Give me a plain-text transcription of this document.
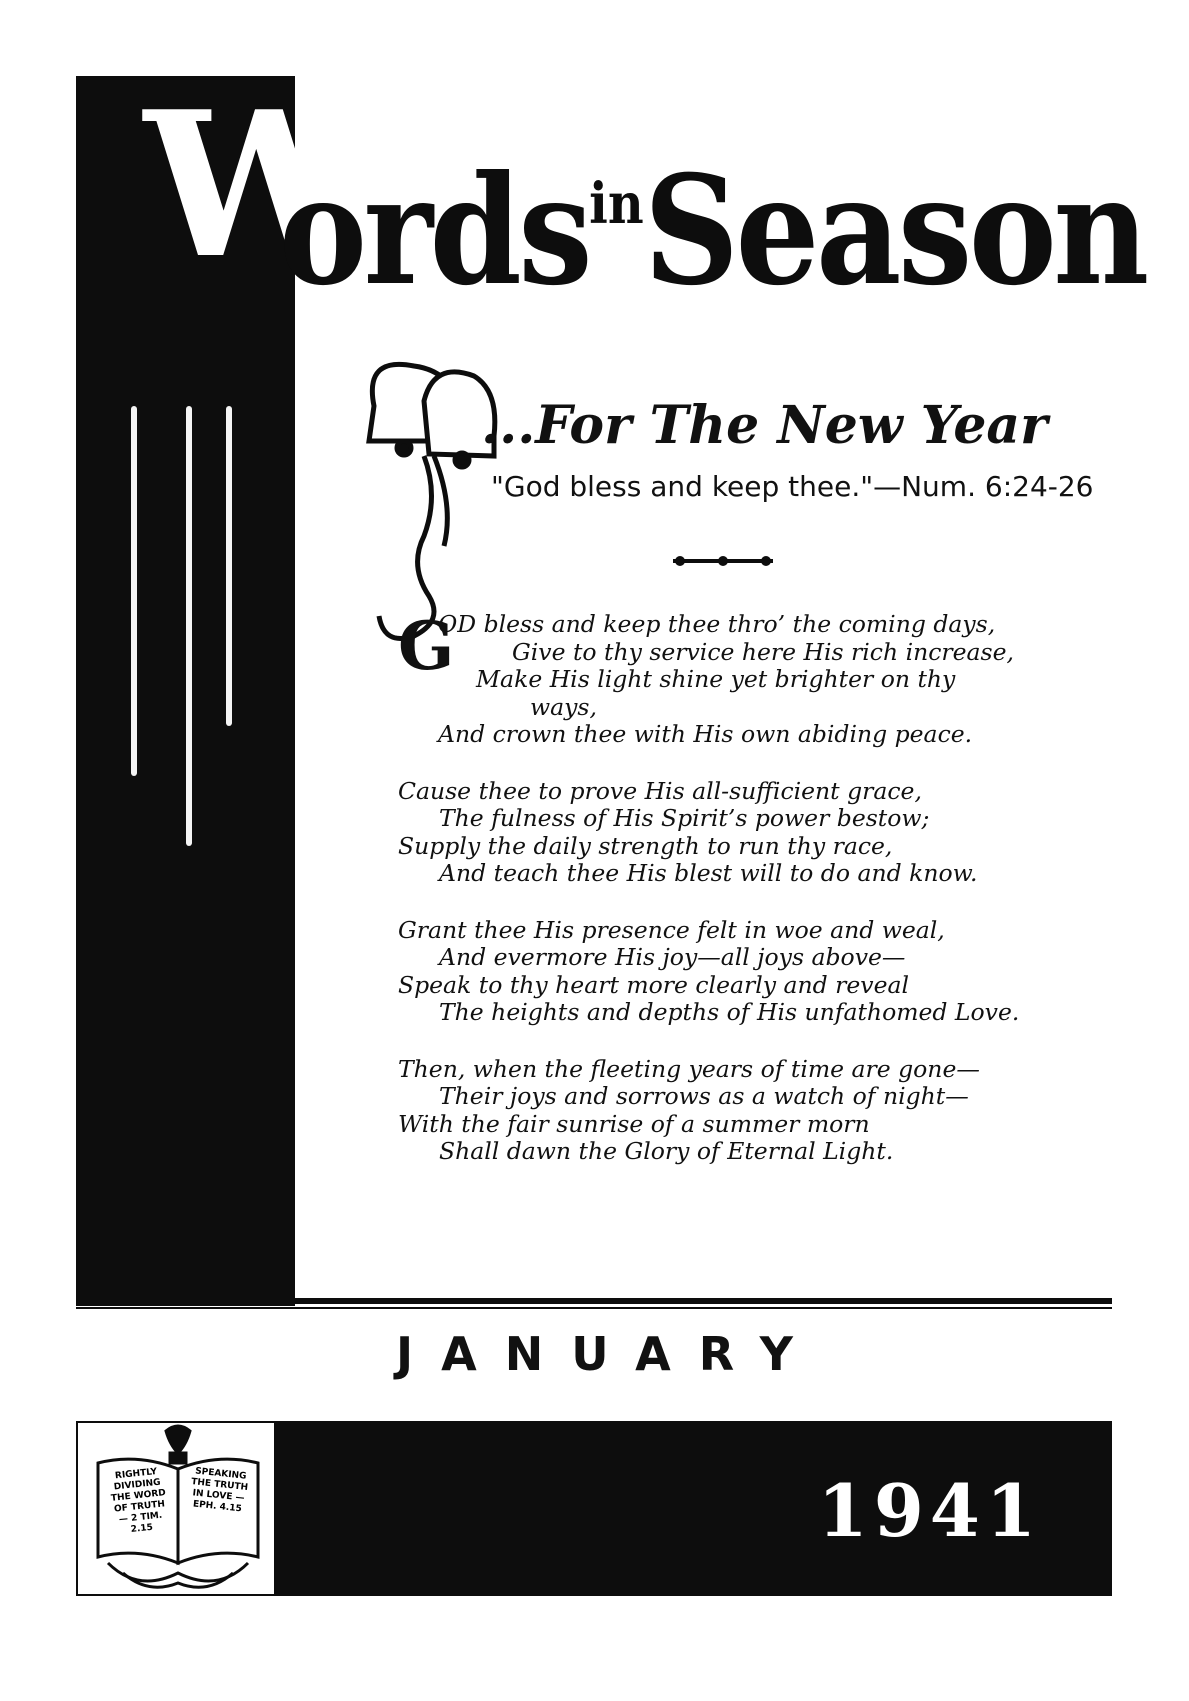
W
ords$^{in}$Season
...For The New Year
"God bless and keep thee."—Num. 6:24-26
G
OD bless and keep thee thro’ the coming days,
Give to thy service here His rich increase,
Make His light shine yet brighter on thy
ways,
And crown thee with His own abiding peace.
Cause thee to prove His all-sufficient grace,
The fulness of His Spirit’s power bestow;
Supply the daily strength to run thy race,
And teach thee His blest will to do and know.
Grant thee His presence felt in woe and weal,
And evermore His joy—all joys above—
Speak to thy heart more clearly and reveal
The heights and depths of His unfathomed Love.
Then, when the fleeting years of time are gone—
Their joys and sorrows as a watch of night—
With the fair sunrise of a summer morn
Shall dawn the Glory of Eternal Light.
JANUARY
RIGHTLY DIVIDING THE WORD OF TRUTH — 2 TIM. 2.15
SPEAKING THE TRUTH IN LOVE — EPH. 4.15	1941
